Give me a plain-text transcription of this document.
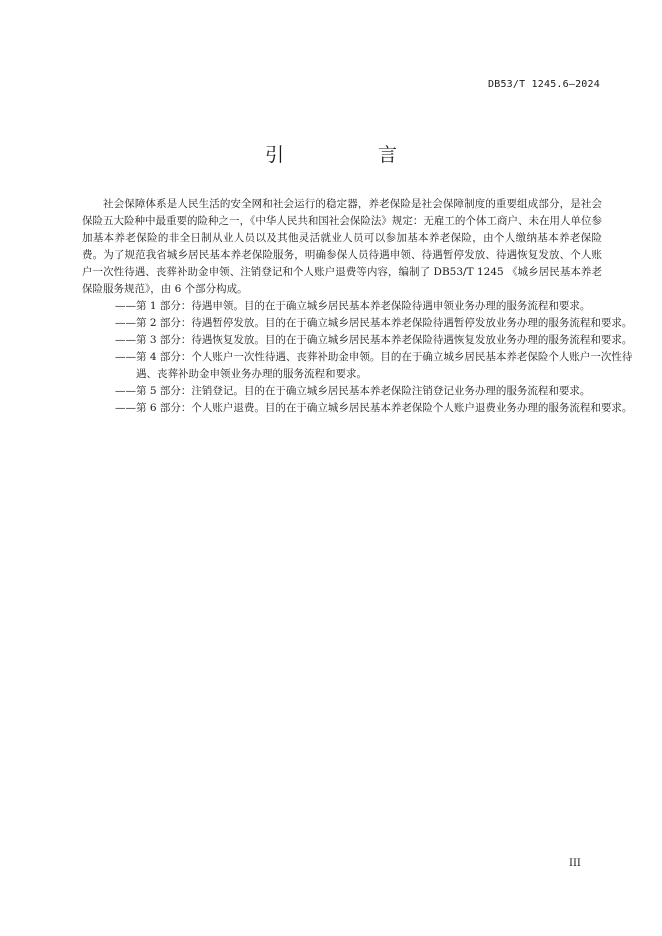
DB53/T 1245.6—2024
引 言

社会保障体系是人民生活的安全网和社会运行的稳定器，养老保险是社会保障制度的重要组成部分，是社会保险五大险种中最重要的险种之一，《中华人民共和国社会保险法》规定：无雇工的个体工商户、未在用人单位参加基本养老保险的非全日制从业人员以及其他灵活就业人员可以参加基本养老保险，由个人缴纳基本养老保险费。为了规范我省城乡居民基本养老保险服务，明确参保人员待遇申领、待遇暂停发放、待遇恢复发放、个人账户一次性待遇、丧葬补助金申领、注销登记和个人账户退费等内容，编制了 DB53/T 1245 《城乡居民基本养老保险服务规范》，由 6 个部分构成。

——第 1 部分：待遇申领。目的在于确立城乡居民基本养老保险待遇申领业务办理的服务流程和要求。

——第 2 部分：待遇暂停发放。目的在于确立城乡居民基本养老保险待遇暂停发放业务办理的服务流程和要求。

——第 3 部分：待遇恢复发放。目的在于确立城乡居民基本养老保险待遇恢复发放业务办理的服务流程和要求。

——第 4 部分：个人账户一次性待遇、丧葬补助金申领。目的在于确立城乡居民基本养老保险个人账户一次性待遇、丧葬补助金申领业务办理的服务流程和要求。

——第 5 部分：注销登记。目的在于确立城乡居民基本养老保险注销登记业务办理的服务流程和要求。

——第 6 部分：个人账户退费。目的在于确立城乡居民基本养老保险个人账户退费业务办理的服务流程和要求。

III
